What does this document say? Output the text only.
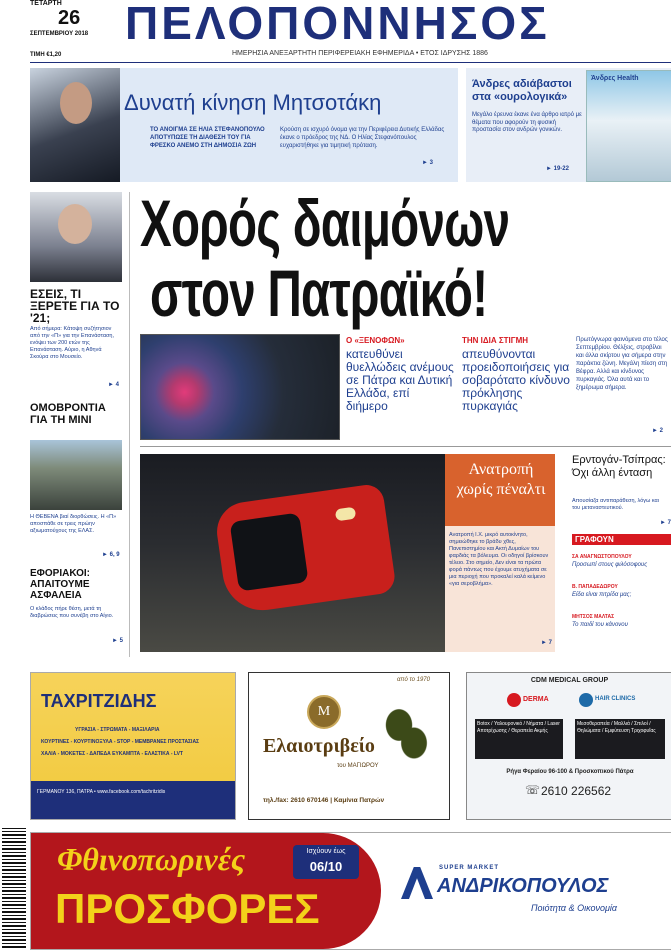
ΤΕΤΑΡΤΗ
26
ΣΕΠΤΕΜΒΡΙΟΥ 2018
ΤΙΜΗ €1,20
ΠΕΛΟΠΟΝΝΗΣΟΣ
ΗΜΕΡΗΣΙΑ ΑΝΕΞΑΡΤΗΤΗ ΠΕΡΙΦΕΡΕΙΑΚΗ ΕΦΗΜΕΡΙΔΑ • ΕΤΟΣ ΙΔΡΥΣΗΣ 1886
Δυνατή κίνηση Μητσοτάκη
ΤΟ ΑΝΟΙΓΜΑ ΣΕ ΗΛΙΑ ΣΤΕΦΑΝΟΠΟΥΛΟ ΑΠΟΤΥΠΩΣΕ ΤΗ ΔΙΑΘΕΣΗ ΤΟΥ ΓΙΑ ΦΡΕΣΚΟ ΑΝΕΜΟ ΣΤΗ ΔΗΜΟΣΙΑ ΖΩΗ
Κρούση σε ισχυρό όνομα για την Περιφέρεια Δυτικής Ελλάδας έκανε ο πρόεδρος της ΝΔ. Ο Ηλίας Στεφανόπουλος ευχαριστήθηκε για τιμητική πρόταση.
► 3
Άνδρες αδιάβαστοι στα «ουρολογικά»
Μεγάλο έρευνα έκανε ένα άρθρο ιατρό με θέματα που αφορούν τη φυσική προστασία στον ανδρών γονικών.
► 19-22
Άνδρες Health
ΕΣΕΙΣ, ΤΙ ΞΕΡΕΤΕ ΓΙΑ ΤΟ '21;
Από σήμερα: Κάτοψη συζήτησιον από την «Π» για την Επανάσταση, ενόψει των 200 ετών της Επανάσταση. Αύριο, η Αθηνά Σκούρα στο Μουσείο.
► 4
ΟΜΟΒΡΟΝΤΙΑ ΓΙΑ ΤΗ ΜΙΝΙ
Η ΘΕΒΕΝΑ βιαί διορθώσεις. Η «Π» αποσπάθε σε τρεις πρώην αξιωματούχους της ΕΛΑΣ.
► 6, 9
ΕΦΟΡΙΑΚΟΙ: ΑΠΑΙΤΟΥΜΕ ΑΣΦΑΛΕΙΑ
Ο κλάδος πήρε θέση, μετά τη διαβρώσεις που συνέβη στο Αίγιο.
► 5
Χορός δαιμόνων
στον Πατραϊκό!
Ο «ΞΕΝΟΦΩΝ»
κατευθύνει θυελλώδεις ανέμους σε Πάτρα και Δυτική Ελλάδα, επί διήμερο
ΤΗΝ ΙΔΙΑ ΣΤΙΓΜΗ
απευθύνονται προειδοποιήσεις για σοβαρότατο κίνδυνο πρόκλησης πυρκαγιάς
Πρωτόγνωρα φαινόμενα στο τέλος Σεπτεμβρίου. Θέλξεις, στροβίλοι και άλλα σκίρτου για σήμερα στην παράκτια ζώνη. Μεγάλη πίεση στη Βέφρα. Αλλά και κίνδυνος πυρκαγιάς. Όλα αυτά και το ξημέρωμα σήμερα.
► 2
Ανατροπή χωρίς πέναλτι
Ανατροπή Ι.Χ. μικρό αυτοκίνητο, σημειώθηκε το βράδυ χθες, Πανεπιστημίου και Ακτή Δυμαίων του φαρδιάς τα βόλευμα. Οι οδηγοί βρίσκουν τέλειο. Στο σημείο, Δεν είναι τα πρώτα φορά πάντως που έχουμε ατυχήματα σε μια περιοχή που προκαλεί καλά κείμενο «για σεροβλήμα».
► 7
Ερντογάν-Τσίπρας: Όχι άλλη ένταση
Απουσίαζα αντιπαράθεση, λόγω και του μεταναστευτικού.
► 7
ΓΡΑΦΟΥΝ
ΣΑ ΑΝΑΓΝΩΣΤΟΠΟΥΛΟΥ
Προσωπί στους φιλόσοφους
Β. ΠΑΠΑΔΕΔΩΡΟΥ
Είδα είναι πιτρίδα μας;
ΜΗΤΣΟΣ ΜΑΛΤΑΣ
Το παιδί του κάνονου
ΤΑΧΡΙΤΖΙΔΗΣ
ΥΓΡΑΣΙΑ - ΣΤΡΩΜΑΤΑ - ΜΑΞΙΛΑΡΙΑ
ΚΟΥΡΤΙΝΕΣ - ΚΟΥΡΤΙΝΟΞΥΛΑ - STOP - ΜΕΜΒΡΑΝΕΣ ΠΡΟΣΤΑΣΙΑΣ
ΧΑΛΙΑ - ΜΟΚΕΤΕΣ - ΔΑΠΕΔΑ ΕΥΚΑΜΠΤΑ - ΕΛΑΣΤΙΚΑ - LVT
ΓΕΡΜΑΝΟΥ 136, ΠΑΤΡΑ • www.facebook.com/tachritzidis
από το 1970
M
Ελαιοτριβείο
του ΜΑΓΙΩΡΟΥ
τηλ./fax: 2610 670146 | Καμίνια Πατρών
CDM MEDICAL GROUP
DERMA	HAIR CLINICS
Botox / Υαλουρονικό / Νήματα / Laser Αποτρίχωσης / Θεραπεία Ακμής
Μεσοθεραπεία / Μαλλιά / Σπιλοί / Θηλώματα / Εμφύτευση Τριχοφυΐας
Ρήγα Φεραίου 96-100 & Προσκοπικού Πάτρα
☏ 2610 226562
Φθινοπωρινές
ΠΡΟΣΦΟΡΕΣ
Ισχύουν έως
06/10	SUPER MARKET
ΑΝΔΡΙΚΟΠΟΥΛΟΣ
Ποιότητα & Οικονομία
